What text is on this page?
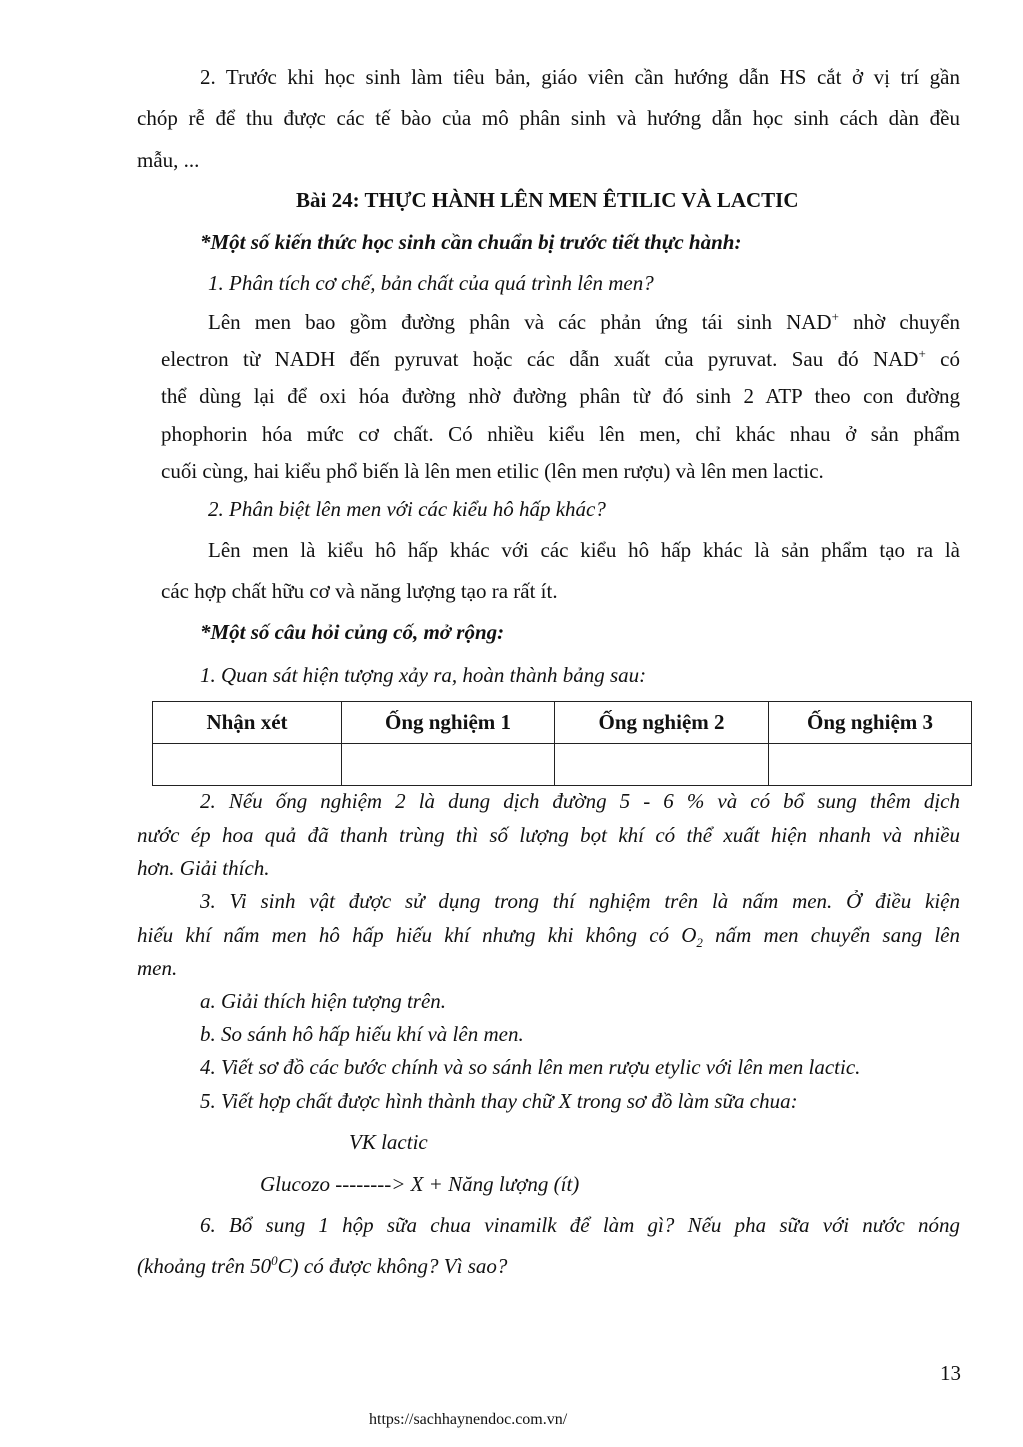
2. Trước khi học sinh làm tiêu bản, giáo viên cần hướng dẫn HS cắt ở vị trí gần
chóp rễ để thu được các tế bào của mô phân sinh và hướng dẫn học sinh cách dàn đều
mẫu, ...
Bài 24: THỰC HÀNH LÊN MEN ÊTILIC VÀ LACTIC
*Một số kiến thức học sinh cần chuẩn bị trước tiết thực hành:
1. Phân tích cơ chế, bản chất của quá trình lên men?
Lên men bao gồm đường phân và các phản ứng tái sinh NAD+ nhờ chuyển
electron từ NADH đến pyruvat hoặc các dẫn xuất của pyruvat. Sau đó NAD+ có
thể dùng lại để oxi hóa đường nhờ đường phân từ đó sinh 2 ATP theo con đường
phophorin hóa mức cơ chất. Có nhiều kiểu lên men, chỉ khác nhau ở sản phẩm
cuối cùng, hai kiểu phổ biến là lên men etilic (lên men rượu) và lên men lactic.
2. Phân biệt lên men với các kiểu hô hấp khác?
Lên men là kiểu hô hấp khác với các kiểu hô hấp khác là sản phẩm tạo ra là
các hợp chất hữu cơ và năng lượng tạo ra rất ít.
*Một số câu hỏi củng cố, mở rộng:
1. Quan sát hiện tượng xảy ra, hoàn thành bảng sau:
Nhận xét	Ống nghiệm 1	Ống nghiệm 2	Ống nghiệm 3

2. Nếu ống nghiệm 2 là dung dịch đường 5 - 6 % và có bổ sung thêm dịch
nước ép hoa quả đã thanh trùng thì số lượng bọt khí có thể xuất hiện nhanh và nhiều
hơn. Giải thích.
3. Vi sinh vật được sử dụng trong thí nghiệm trên là nấm men. Ở điều kiện
hiếu khí nấm men hô hấp hiếu khí nhưng khi không có $O_2$ nấm men chuyển sang lên
men.
a. Giải thích hiện tượng trên.
b. So sánh hô hấp hiếu khí và lên men.
4. Viết sơ đồ các bước chính và so sánh lên men rượu etylic với lên men lactic.
5. Viết hợp chất được hình thành thay chữ X trong sơ đồ làm sữa chua:
VK lactic
Glucozo --------> X + Năng lượng (ít)
6. Bổ sung 1 hộp sữa chua vinamilk để làm gì? Nếu pha sữa với nước nóng
(khoảng trên $50^0C$) có được không? Vì sao?
13
https://sachhaynendoc.com.vn/
